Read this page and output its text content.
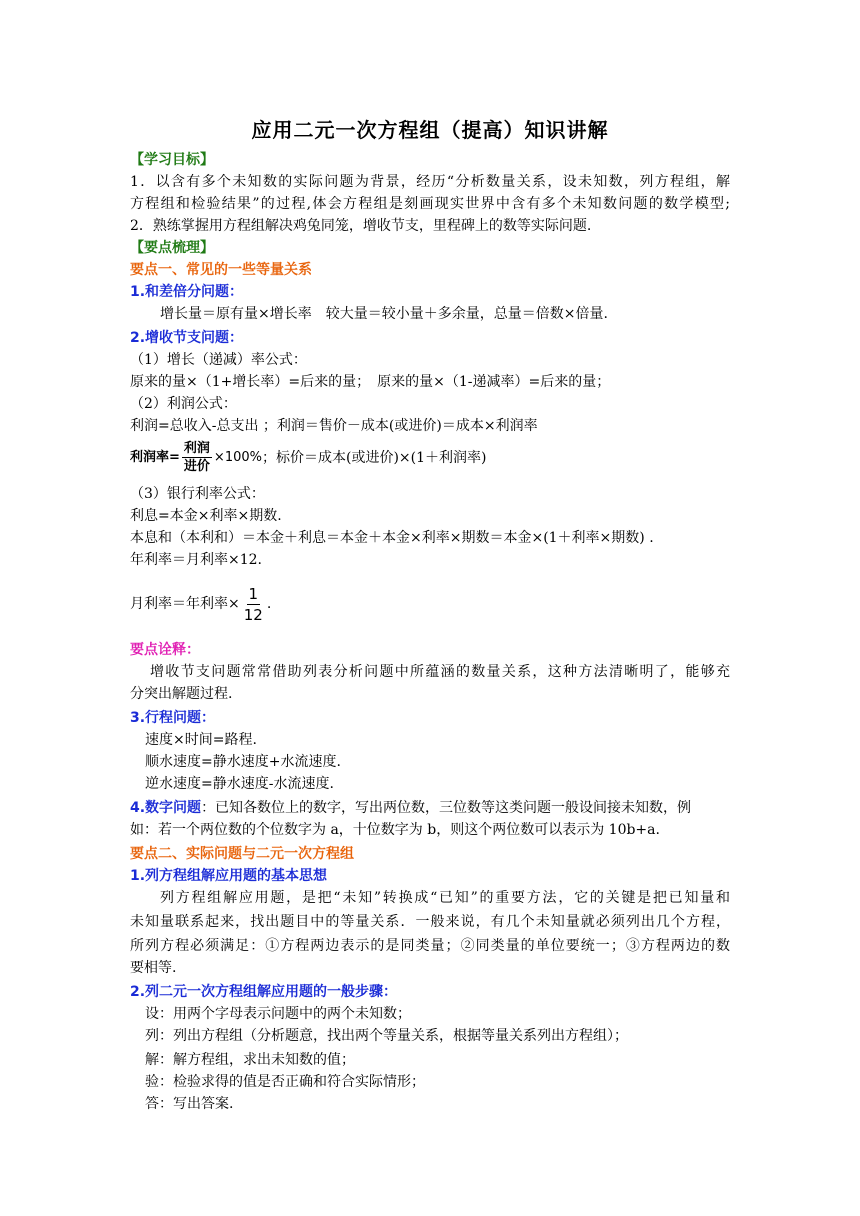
应用二元一次方程组（提高）知识讲解
【学习目标】
1．以含有多个未知数的实际问题为背景，经历“分析数量关系，设未知数，列方程组，解
方程组和检验结果”的过程,体会方程组是刻画现实世界中含有多个未知数问题的数学模型;
2．熟练掌握用方程组解决鸡兔同笼，增收节支，里程碑上的数等实际问题.
【要点梳理】
要点一、常见的一些等量关系
1.和差倍分问题：
增长量＝原有量×增长率　较大量＝较小量＋多余量，总量＝倍数×倍量.
2.增收节支问题：
（1）增长（递减）率公式：
原来的量×（1+增长率）=后来的量；　原来的量×（1-递减率）=后来的量；
（2）利润公式：
利润=总收入-总支出 ；利润＝售价－成本(或进价)＝成本×利润率
利润率= $\frac{\text{利润}}{\text{进价}} \times 100\%$ ；标价＝成本(或进价)×(1＋利润率)
（3）银行利率公式：
利息=本金×利率×期数.
本息和（本利和）＝本金＋利息＝本金＋本金×利率×期数＝本金×(1＋利率×期数) .
年利率＝月利率×12.
月利率＝年利率× $\frac{1}{12}$ .
要点诠释：
增收节支问题常常借助列表分析问题中所蕴涵的数量关系，这种方法清晰明了，能够充
分突出解题过程.
3.行程问题：
速度×时间=路程.
顺水速度=静水速度+水流速度.
逆水速度=静水速度-水流速度.
4.数字问题：已知各数位上的数字，写出两位数，三位数等这类问题一般设间接未知数，例
如：若一个两位数的个位数字为 a，十位数字为 b，则这个两位数可以表示为 10b+a.
要点二、实际问题与二元一次方程组
1.列方程组解应用题的基本思想
列方程组解应用题，是把“未知”转换成“已知”的重要方法，它的关键是把已知量和
未知量联系起来，找出题目中的等量关系．一般来说，有几个未知量就必须列出几个方程，
所列方程必须满足：①方程两边表示的是同类量；②同类量的单位要统一；③方程两边的数
要相等.
2.列二元一次方程组解应用题的一般步骤：
设：用两个字母表示问题中的两个未知数；
列：列出方程组（分析题意，找出两个等量关系，根据等量关系列出方程组）；
解：解方程组，求出未知数的值；
验：检验求得的值是否正确和符合实际情形；
答：写出答案.
